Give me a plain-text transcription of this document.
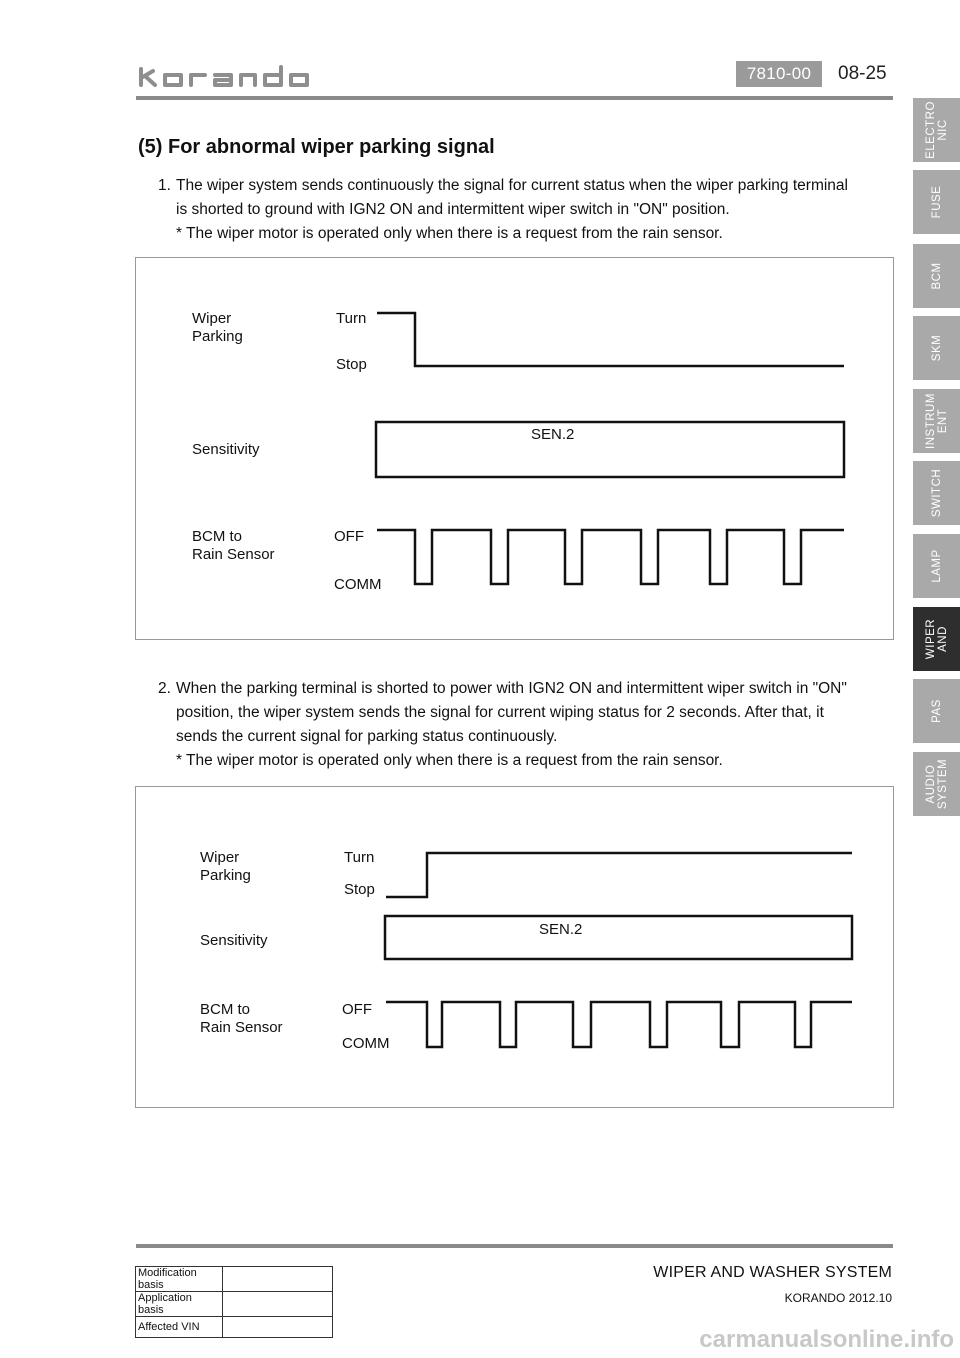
7810-00	08-25
ELECTRO
NIC
FUSE
BCM
SKM
INSTRUM
ENT
SWITCH
LAMP
WIPER
AND
PAS
AUDIO
SYSTEM
(5) For abnormal wiper parking signal
1. The wiper system sends continuously the signal for current status when the wiper parking terminal
is shorted to ground with IGN2 ON and intermittent wiper switch in "ON" position.
* The wiper motor is operated only when there is a request from the rain sensor.
Wiper
Parking
Turn
Stop
Sensitivity
SEN.2
BCM to
Rain Sensor
OFF
COMM
2. When the parking terminal is shorted to power with IGN2 ON and intermittent wiper switch in "ON"
position, the wiper system sends the signal for current wiping status for 2 seconds. After that, it
sends the current signal for parking status continuously.
* The wiper motor is operated only when there is a request from the rain sensor.
Wiper
Parking
Turn
Stop
Sensitivity
SEN.2
BCM to
Rain Sensor
OFF
COMM
Modification basis	
Application basis	
Affected VIN	
WIPER AND WASHER SYSTEM
KORANDO 2012.10
carmanualsonline.info
